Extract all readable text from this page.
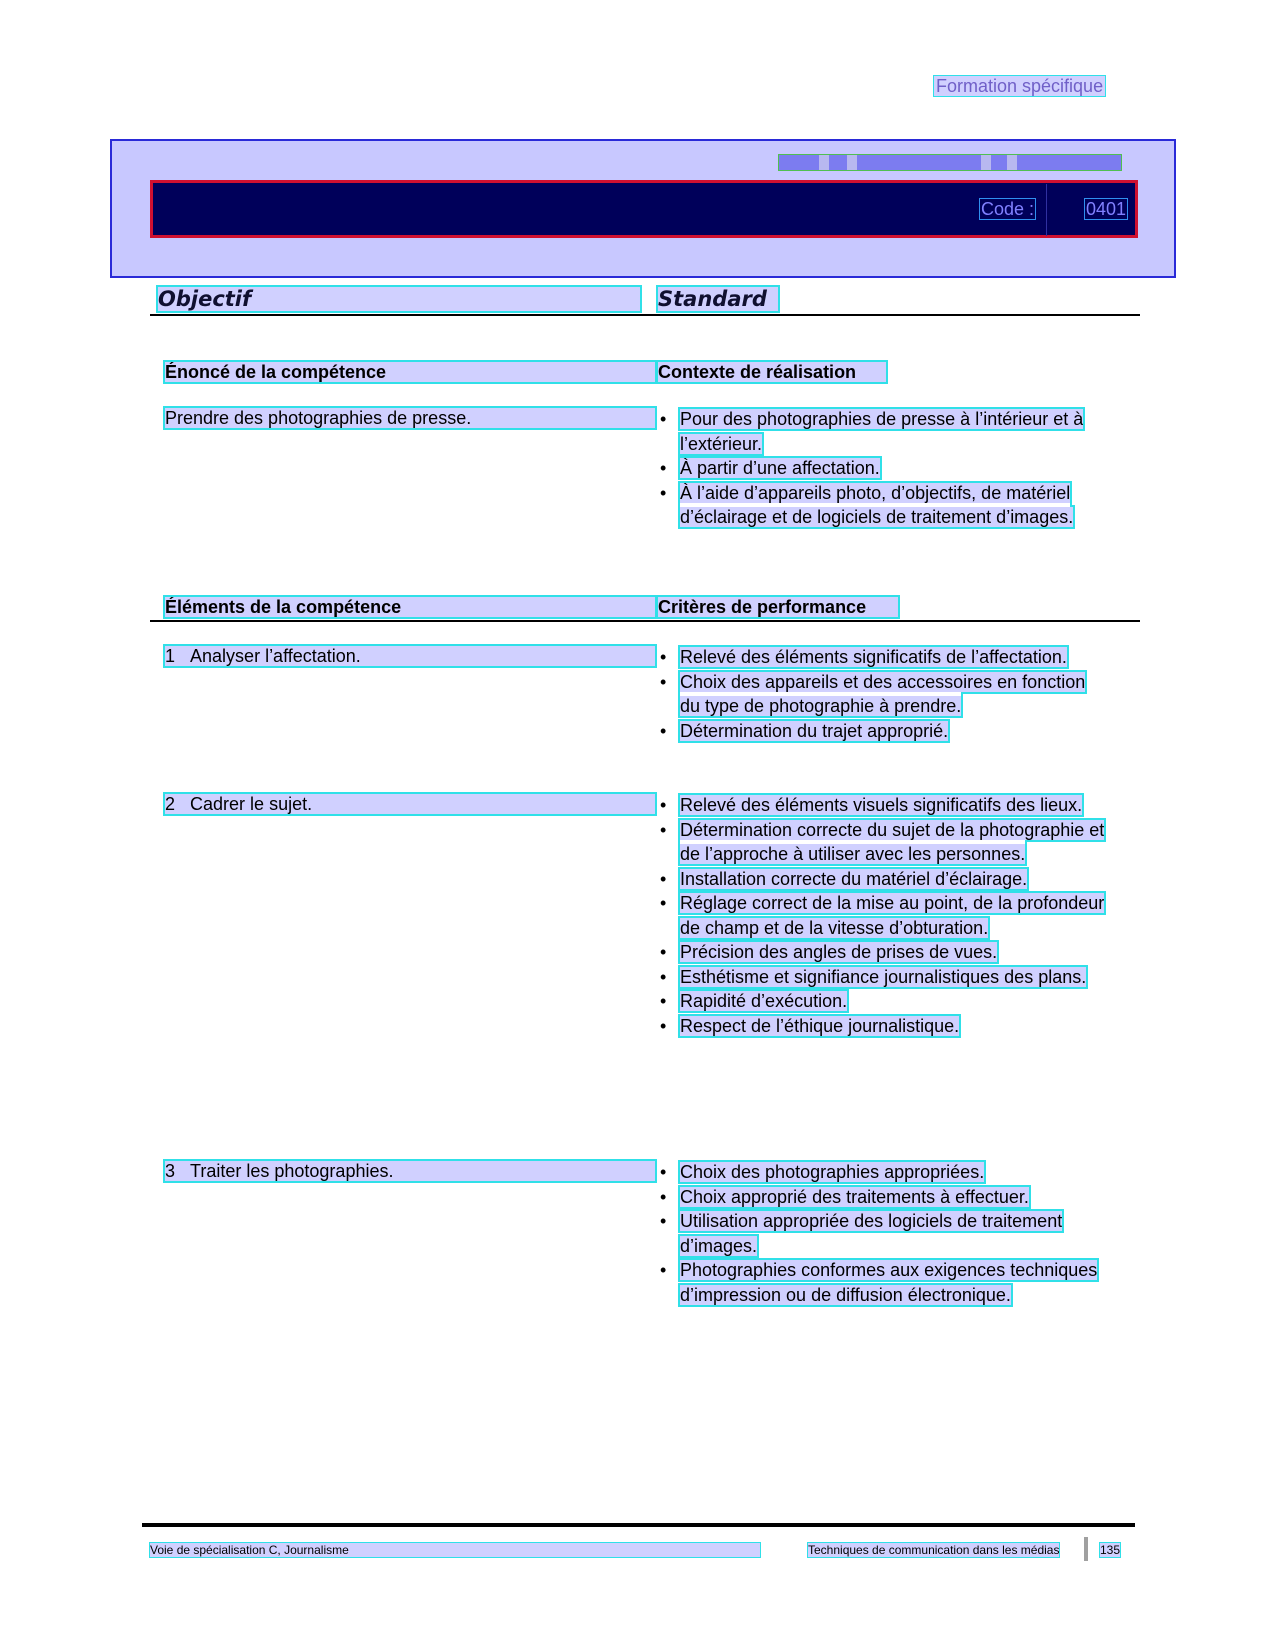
Formation spécifique
Code :	0401
Objectif	Standard
Énoncé de la compétence	Contexte de réalisation
Prendre des photographies de presse.	• Pour des photographies de presse à l’intérieur et à l’extérieur.
• À partir d’une affectation.
• À l’aide d’appareils photo, d’objectifs, de matériel d’éclairage et de logiciels de traitement d’images.
Éléments de la compétence	Critères de performance
1 Analyser l’affectation.	• Relevé des éléments significatifs de l’affectation.
• Choix des appareils et des accessoires en fonction du type de photographie à prendre.
• Détermination du trajet approprié.
2 Cadrer le sujet.	• Relevé des éléments visuels significatifs des lieux.
• Détermination correcte du sujet de la photographie et de l’approche à utiliser avec les personnes.
• Installation correcte du matériel d’éclairage.
• Réglage correct de la mise au point, de la profondeur de champ et de la vitesse d’obturation.
• Précision des angles de prises de vues.
• Esthétisme et signifiance journalistiques des plans.
• Rapidité d’exécution.
• Respect de l’éthique journalistique.
3 Traiter les photographies.	• Choix des photographies appropriées.
• Choix approprié des traitements à effectuer.
• Utilisation appropriée des logiciels de traitement d’images.
• Photographies conformes aux exigences techniques d’impression ou de diffusion électronique.
Voie de spécialisation C, Journalisme	Techniques de communication dans les médias	135
